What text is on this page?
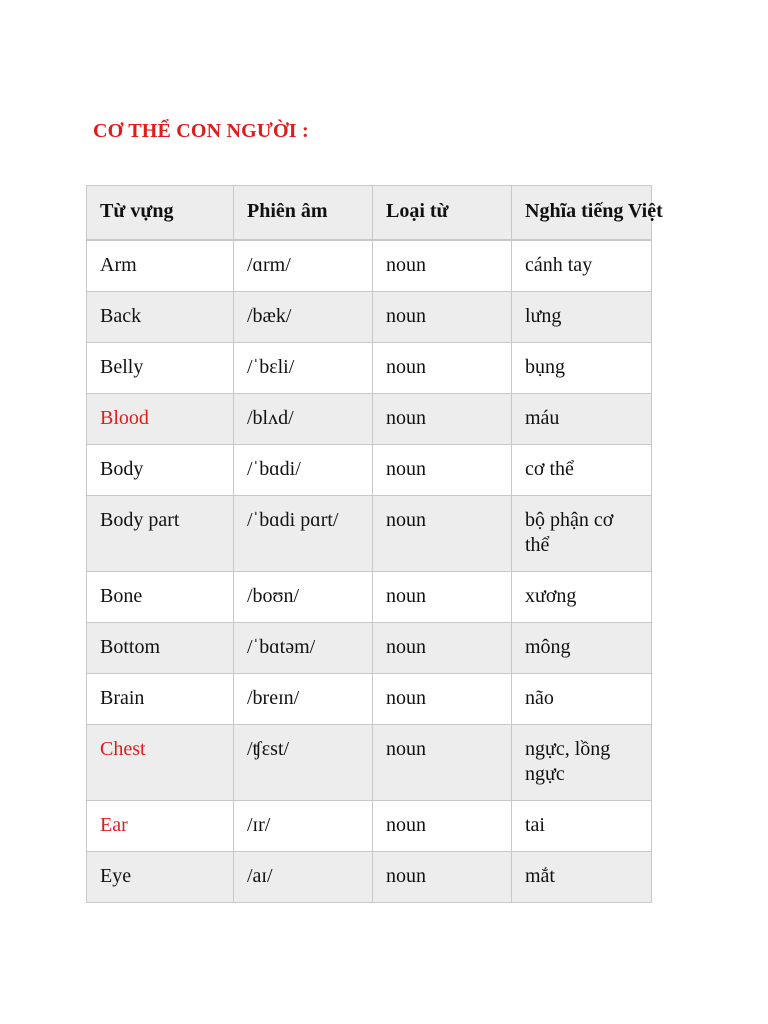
CƠ THỂ CON NGƯỜI :
Từ vựng	Phiên âm	Loại từ	Nghĩa tiếng Việt
Arm	/ɑrm/	noun	cánh tay
Back	/bæk/	noun	lưng
Belly	/ˈbɛli/	noun	bụng
Blood	/blʌd/	noun	máu
Body	/ˈbɑdi/	noun	cơ thể
Body part	/ˈbɑdi pɑrt/	noun	bộ phận cơ thể
Bone	/boʊn/	noun	xương
Bottom	/ˈbɑtəm/	noun	mông
Brain	/breɪn/	noun	não
Chest	/ʧɛst/	noun	ngực, lồng ngực
Ear	/ɪr/	noun	tai
Eye	/aɪ/	noun	mắt
